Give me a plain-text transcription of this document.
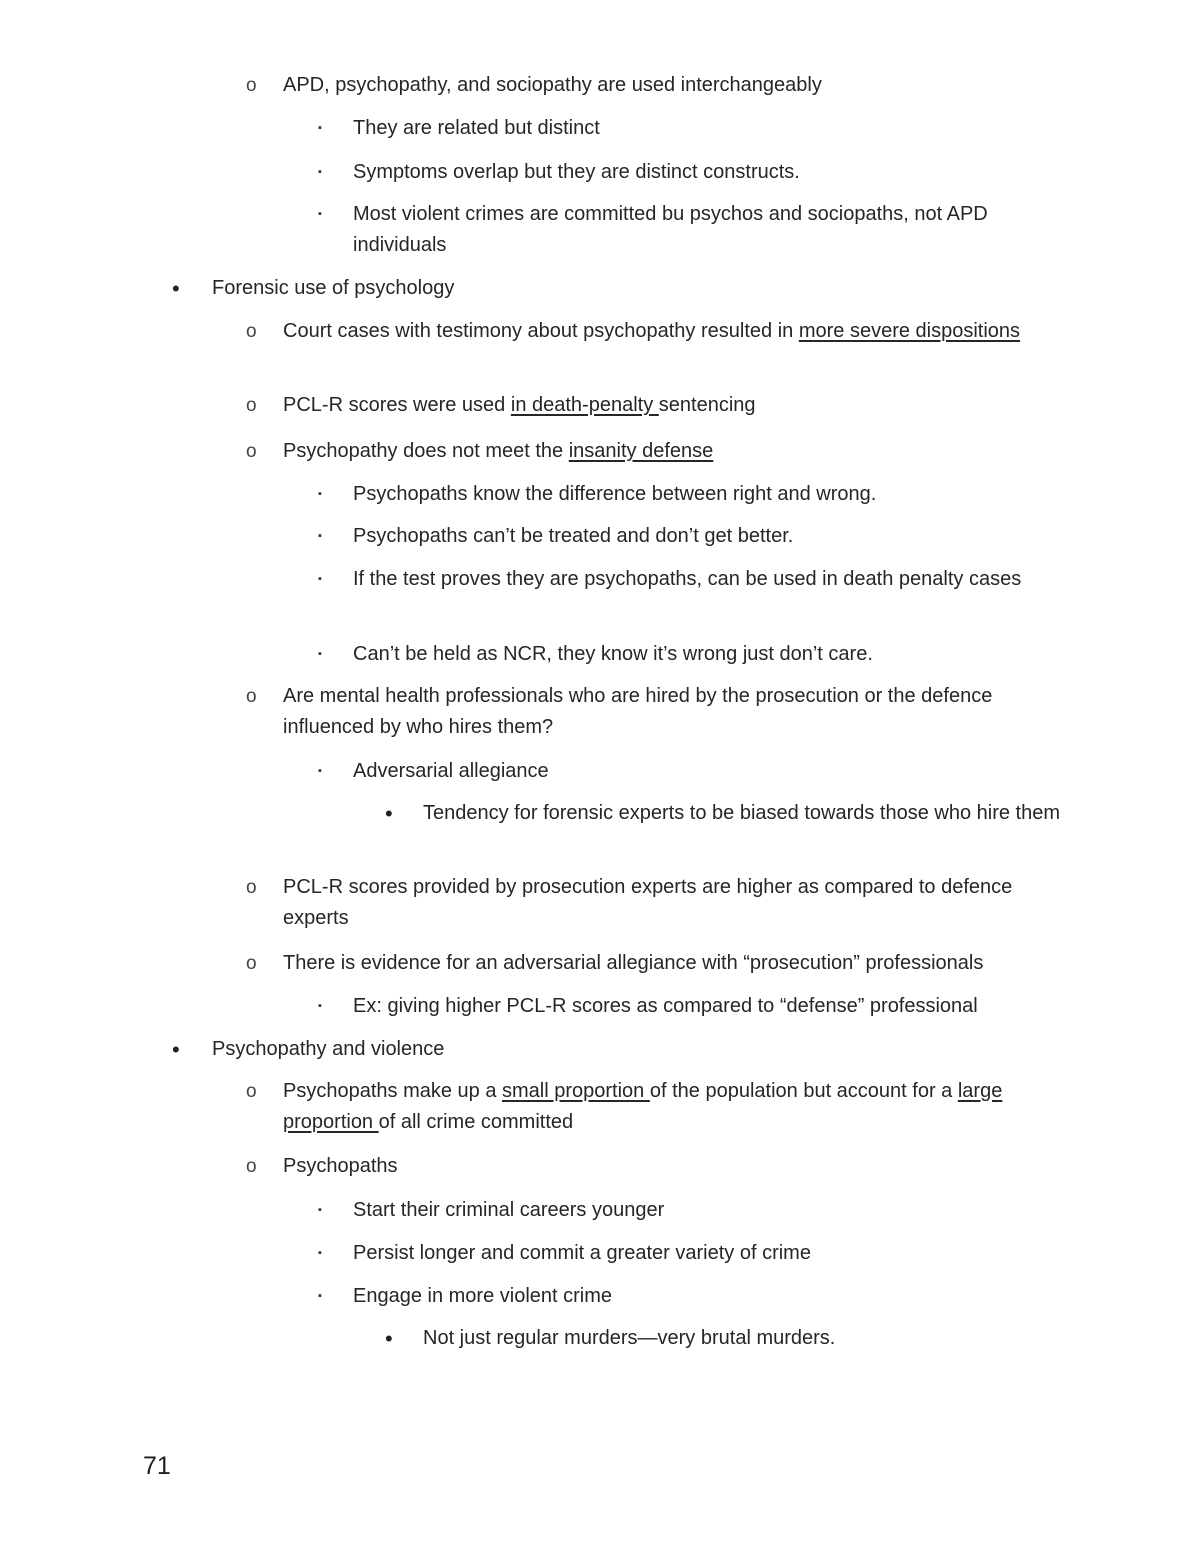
o APD, psychopathy, and sociopathy are used interchangeably
▪ They are related but distinct
▪ Symptoms overlap but they are distinct constructs.
▪ Most violent crimes are committed bu psychos and sociopaths, not APD individuals
• Forensic use of psychology
o Court cases with testimony about psychopathy resulted in more severe dispositions
o PCL-R scores were used in death-penalty sentencing
o Psychopathy does not meet the insanity defense
▪ Psychopaths know the difference between right and wrong.
▪ Psychopaths can’t be treated and don’t get better.
▪ If the test proves they are psychopaths, can be used in death penalty cases
▪ Can’t be held as NCR, they know it’s wrong just don’t care.
o Are mental health professionals who are hired by the prosecution or the defence influenced by who hires them?
▪ Adversarial allegiance
• Tendency for forensic experts to be biased towards those who hire them
o PCL-R scores provided by prosecution experts are higher as compared to defence experts
o There is evidence for an adversarial allegiance with “prosecution” professionals
▪ Ex: giving higher PCL-R scores as compared to “defense” professional
• Psychopathy and violence
o Psychopaths make up a small proportion of the population but account for a large proportion of all crime committed
o Psychopaths
▪ Start their criminal careers younger
▪ Persist longer and commit a greater variety of crime
▪ Engage in more violent crime
• Not just regular murders—very brutal murders.
71
